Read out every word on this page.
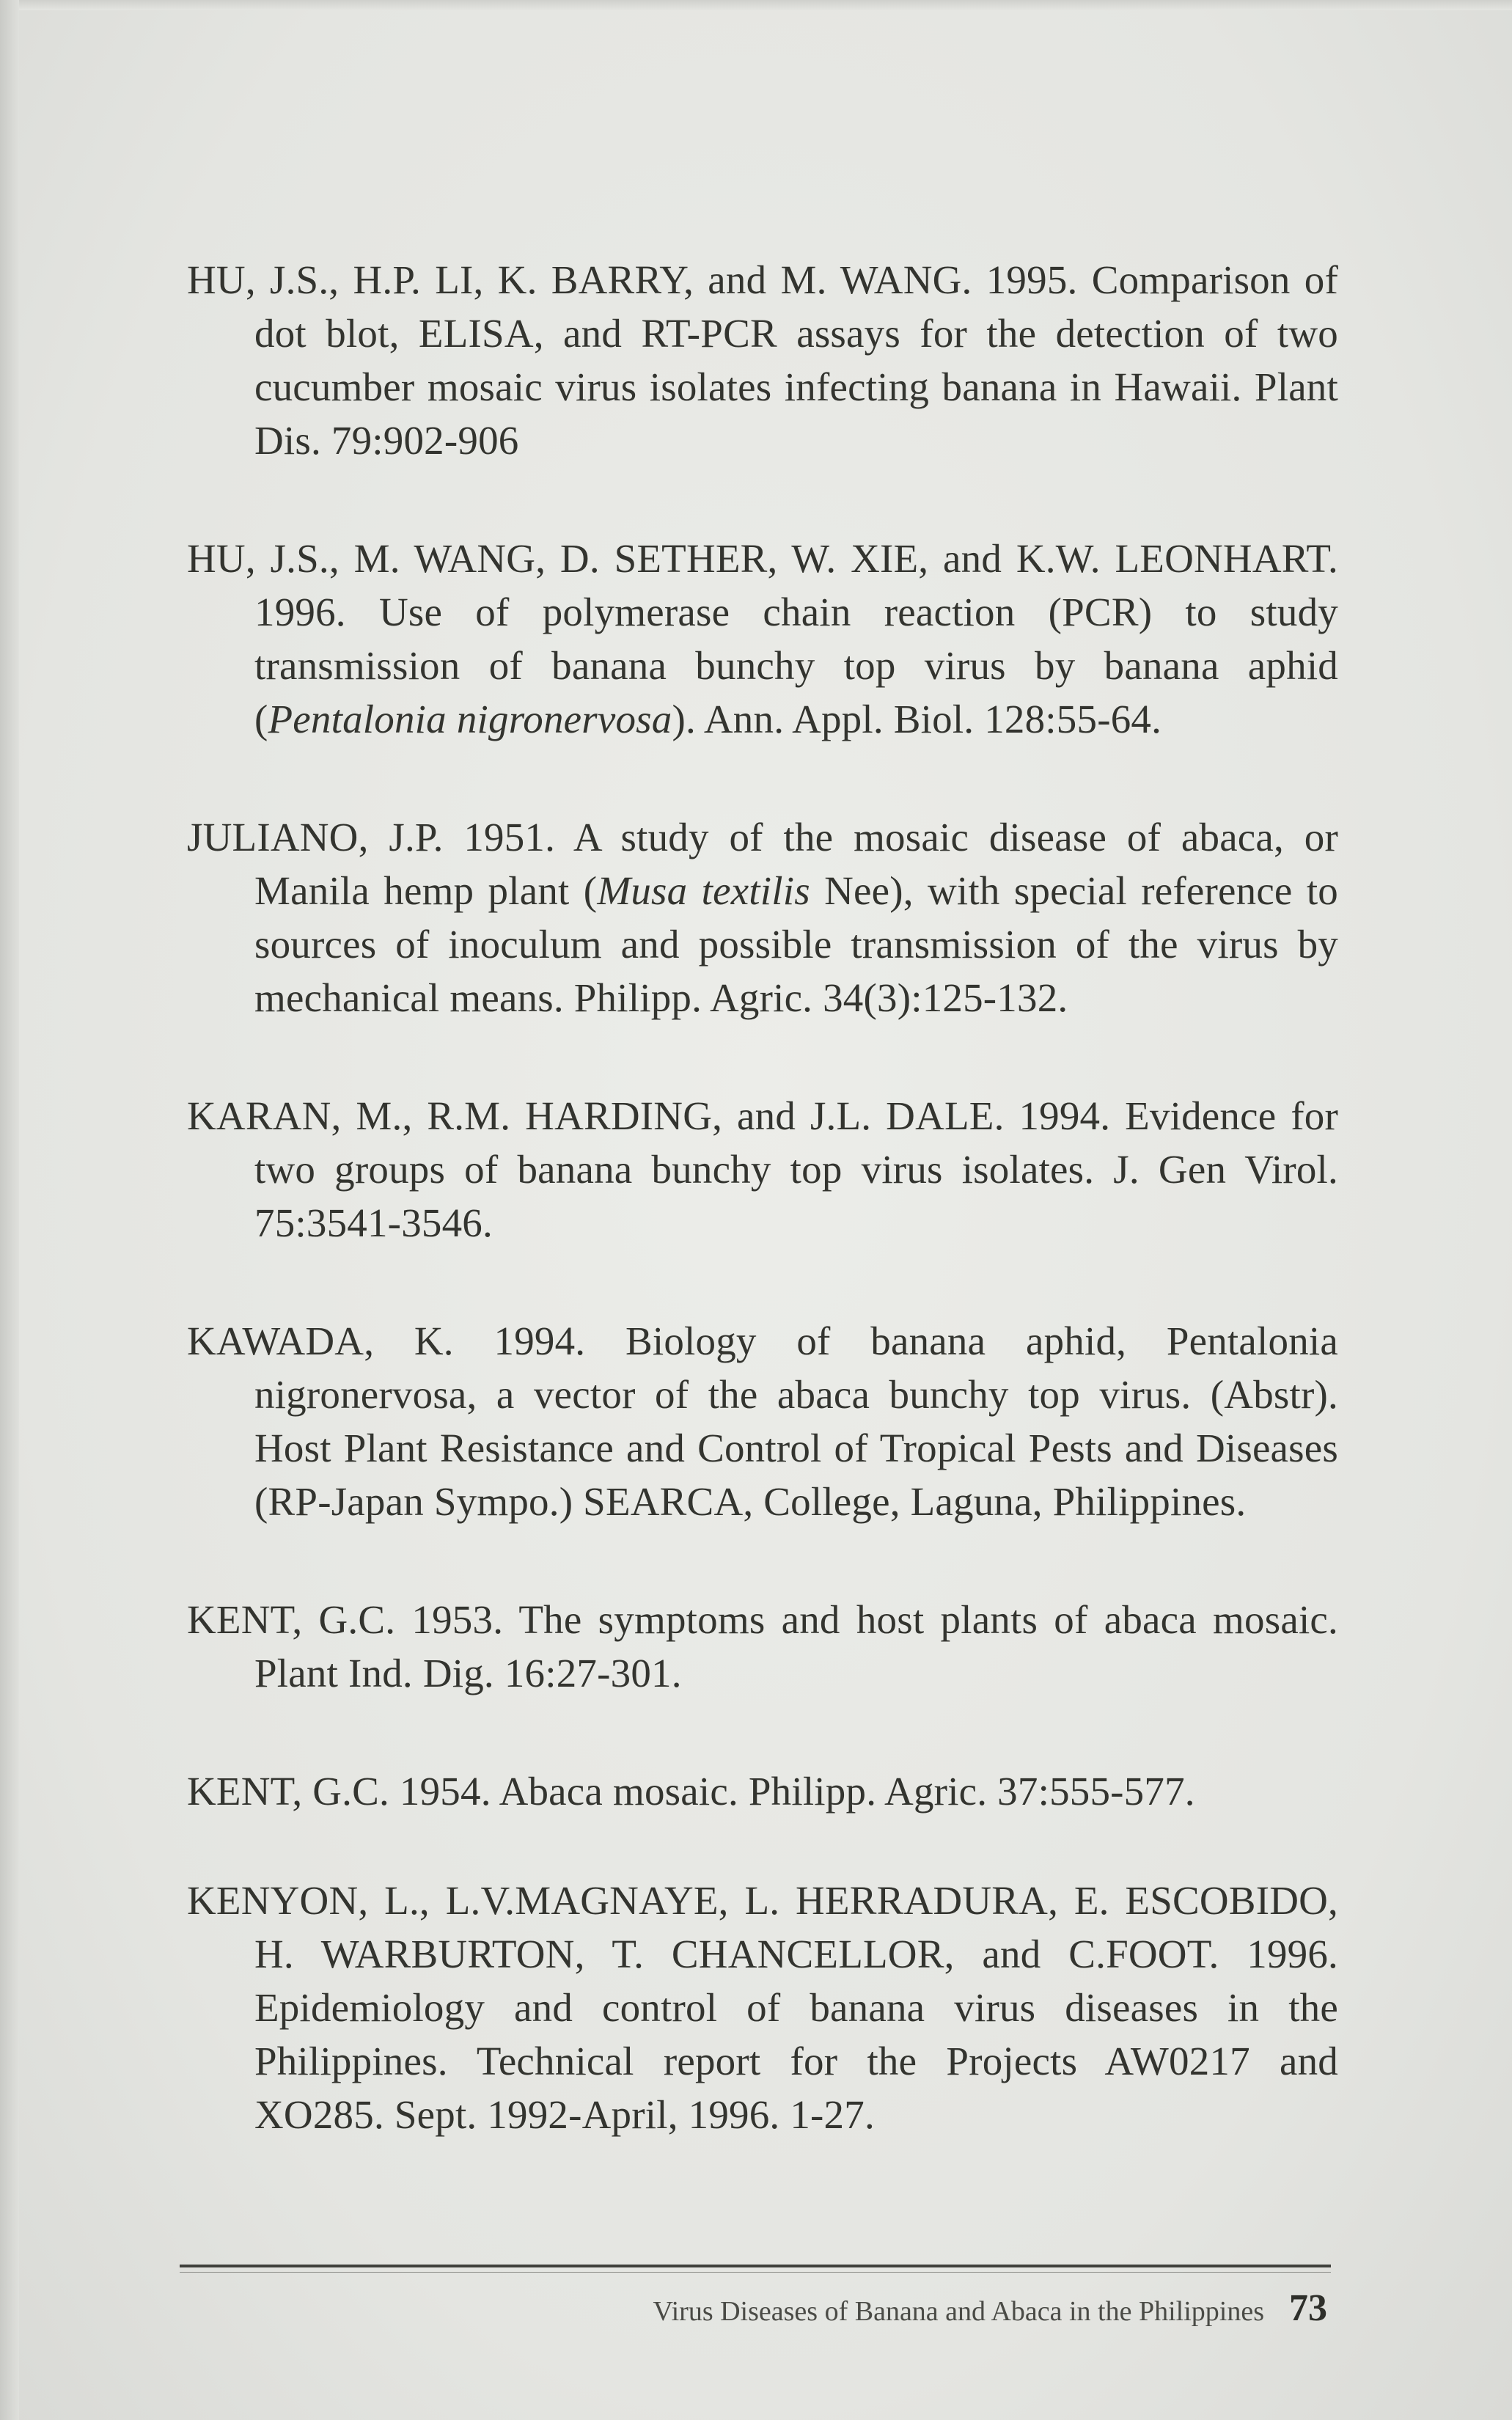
HU, J.S., H.P. LI, K. BARRY, and M. WANG. 1995. Comparison of dot blot, ELISA, and RT-PCR assays for the detection of two cucumber mosaic virus isolates infecting banana in Hawaii. Plant Dis. 79:902-906

HU, J.S., M. WANG, D. SETHER, W. XIE, and K.W. LEONHART. 1996. Use of polymerase chain reaction (PCR) to study transmission of banana bunchy top virus by banana aphid (Pentalonia nigronervosa). Ann. Appl. Biol. 128:55-64.

JULIANO, J.P. 1951. A study of the mosaic disease of abaca, or Manila hemp plant (Musa textilis Nee), with special reference to sources of inoculum and possible transmission of the virus by mechanical means. Philipp. Agric. 34(3):125-132.

KARAN, M., R.M. HARDING, and J.L. DALE. 1994. Evidence for two groups of banana bunchy top virus isolates. J. Gen Virol. 75:3541-3546.

KAWADA, K. 1994. Biology of banana aphid, Pentalonia nigronervosa, a vector of the abaca bunchy top virus. (Abstr). Host Plant Resistance and Control of Tropical Pests and Diseases (RP-Japan Sympo.) SEARCA, College, Laguna, Philippines.

KENT, G.C. 1953. The symptoms and host plants of abaca mosaic. Plant Ind. Dig. 16:27-301.

KENT, G.C. 1954. Abaca mosaic. Philipp. Agric. 37:555-577.

KENYON, L., L.V.MAGNAYE, L. HERRADURA, E. ESCOBIDO, H. WARBURTON, T. CHANCELLOR, and C.FOOT. 1996. Epidemiology and control of banana virus diseases in the Philippines. Technical report for the Projects AW0217 and XO285. Sept. 1992-April, 1996. 1-27.

Virus Diseases of Banana and Abaca in the Philippines 73
